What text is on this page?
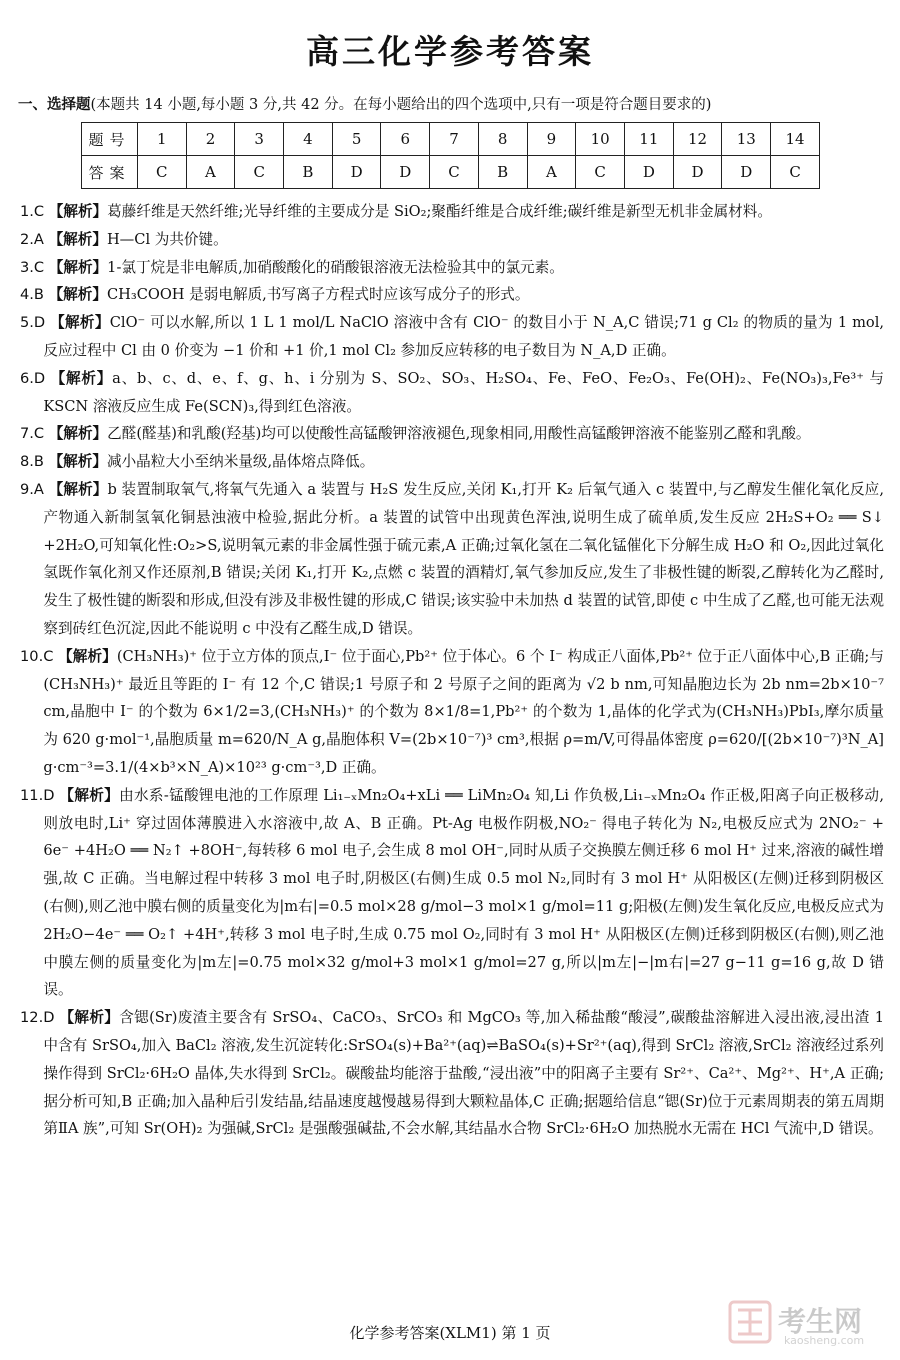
高三化学参考答案
一、选择题(本题共 14 小题,每小题 3 分,共 42 分。在每小题给出的四个选项中,只有一项是符合题目要求的)
题号	1	2	3	4	5	6	7	8	9	10	11	12	13	14
答案	C	A	C	B	D	D	C	B	A	C	D	D	D	C
1.C 【解析】葛藤纤维是天然纤维;光导纤维的主要成分是 SiO₂;聚酯纤维是合成纤维;碳纤维是新型无机非金属材料。
2.A 【解析】H—Cl 为共价键。
3.C 【解析】1-氯丁烷是非电解质,加硝酸酸化的硝酸银溶液无法检验其中的氯元素。
4.B 【解析】CH₃COOH 是弱电解质,书写离子方程式时应该写成分子的形式。
5.D 【解析】ClO⁻ 可以水解,所以 1 L 1 mol/L NaClO 溶液中含有 ClO⁻ 的数目小于 N_A,C 错误;71 g Cl₂ 的物质的量为 1 mol,反应过程中 Cl 由 0 价变为 −1 价和 +1 价,1 mol Cl₂ 参加反应转移的电子数目为 N_A,D 正确。
6.D 【解析】a、b、c、d、e、f、g、h、i 分别为 S、SO₂、SO₃、H₂SO₄、Fe、FeO、Fe₂O₃、Fe(OH)₂、Fe(NO₃)₃,Fe³⁺ 与 KSCN 溶液反应生成 Fe(SCN)₃,得到红色溶液。
7.C 【解析】乙醛(醛基)和乳酸(羟基)均可以使酸性高锰酸钾溶液褪色,现象相同,用酸性高锰酸钾溶液不能鉴别乙醛和乳酸。
8.B 【解析】减小晶粒大小至纳米量级,晶体熔点降低。
9.A 【解析】b 装置制取氧气,将氧气先通入 a 装置与 H₂S 发生反应,关闭 K₁,打开 K₂ 后氧气通入 c 装置中,与乙醇发生催化氧化反应,产物通入新制氢氧化铜悬浊液中检验,据此分析。a 装置的试管中出现黄色浑浊,说明生成了硫单质,发生反应 2H₂S+O₂ ══ S↓ +2H₂O,可知氧化性:O₂>S,说明氧元素的非金属性强于硫元素,A 正确;过氧化氢在二氧化锰催化下分解生成 H₂O 和 O₂,因此过氧化氢既作氧化剂又作还原剂,B 错误;关闭 K₁,打开 K₂,点燃 c 装置的酒精灯,氧气参加反应,发生了非极性键的断裂,乙醇转化为乙醛时,发生了极性键的断裂和形成,但没有涉及非极性键的形成,C 错误;该实验中未加热 d 装置的试管,即使 c 中生成了乙醛,也可能无法观察到砖红色沉淀,因此不能说明 c 中没有乙醛生成,D 错误。
10.C 【解析】(CH₃NH₃)⁺ 位于立方体的顶点,I⁻ 位于面心,Pb²⁺ 位于体心。6 个 I⁻ 构成正八面体,Pb²⁺ 位于正八面体中心,B 正确;与(CH₃NH₃)⁺ 最近且等距的 I⁻ 有 12 个,C 错误;1 号原子和 2 号原子之间的距离为 √2 b nm,可知晶胞边长为 2b nm=2b×10⁻⁷ cm,晶胞中 I⁻ 的个数为 6×1/2=3,(CH₃NH₃)⁺ 的个数为 8×1/8=1,Pb²⁺ 的个数为 1,晶体的化学式为(CH₃NH₃)PbI₃,摩尔质量为 620 g·mol⁻¹,晶胞质量 m=620/N_A g,晶胞体积 V=(2b×10⁻⁷)³ cm³,根据 ρ=m/V,可得晶体密度 ρ=620/[(2b×10⁻⁷)³N_A] g·cm⁻³=3.1/(4×b³×N_A)×10²³ g·cm⁻³,D 正确。
11.D 【解析】由水系-锰酸锂电池的工作原理 Li₁₋ₓMn₂O₄+xLi ══ LiMn₂O₄ 知,Li 作负极,Li₁₋ₓMn₂O₄ 作正极,阳离子向正极移动,则放电时,Li⁺ 穿过固体薄膜进入水溶液中,故 A、B 正确。Pt-Ag 电极作阴极,NO₂⁻ 得电子转化为 N₂,电极反应式为 2NO₂⁻ + 6e⁻ +4H₂O ══ N₂↑ +8OH⁻,每转移 6 mol 电子,会生成 8 mol OH⁻,同时从质子交换膜左侧迁移 6 mol H⁺ 过来,溶液的碱性增强,故 C 正确。当电解过程中转移 3 mol 电子时,阴极区(右侧)生成 0.5 mol N₂,同时有 3 mol H⁺ 从阳极区(左侧)迁移到阴极区(右侧),则乙池中膜右侧的质量变化为|m右|=0.5 mol×28 g/mol−3 mol×1 g/mol=11 g;阳极(左侧)发生氧化反应,电极反应式为 2H₂O−4e⁻ ══ O₂↑ +4H⁺,转移 3 mol 电子时,生成 0.75 mol O₂,同时有 3 mol H⁺ 从阳极区(左侧)迁移到阴极区(右侧),则乙池中膜左侧的质量变化为|m左|=0.75 mol×32 g/mol+3 mol×1 g/mol=27 g,所以|m左|−|m右|=27 g−11 g=16 g,故 D 错误。
12.D 【解析】含锶(Sr)废渣主要含有 SrSO₄、CaCO₃、SrCO₃ 和 MgCO₃ 等,加入稀盐酸“酸浸”,碳酸盐溶解进入浸出液,浸出渣 1 中含有 SrSO₄,加入 BaCl₂ 溶液,发生沉淀转化:SrSO₄(s)+Ba²⁺(aq)⇌BaSO₄(s)+Sr²⁺(aq),得到 SrCl₂ 溶液,SrCl₂ 溶液经过系列操作得到 SrCl₂·6H₂O 晶体,失水得到 SrCl₂。碳酸盐均能溶于盐酸,“浸出液”中的阳离子主要有 Sr²⁺、Ca²⁺、Mg²⁺、H⁺,A 正确;据分析可知,B 正确;加入晶种后引发结晶,结晶速度越慢越易得到大颗粒晶体,C 正确;据题给信息“锶(Sr)位于元素周期表的第五周期第ⅡA 族”,可知 Sr(OH)₂ 为强碱,SrCl₂ 是强酸强碱盐,不会水解,其结晶水合物 SrCl₂·6H₂O 加热脱水无需在 HCl 气流中,D 错误。
化学参考答案(XLM1) 第 1 页	考生网
kaosheng.com
